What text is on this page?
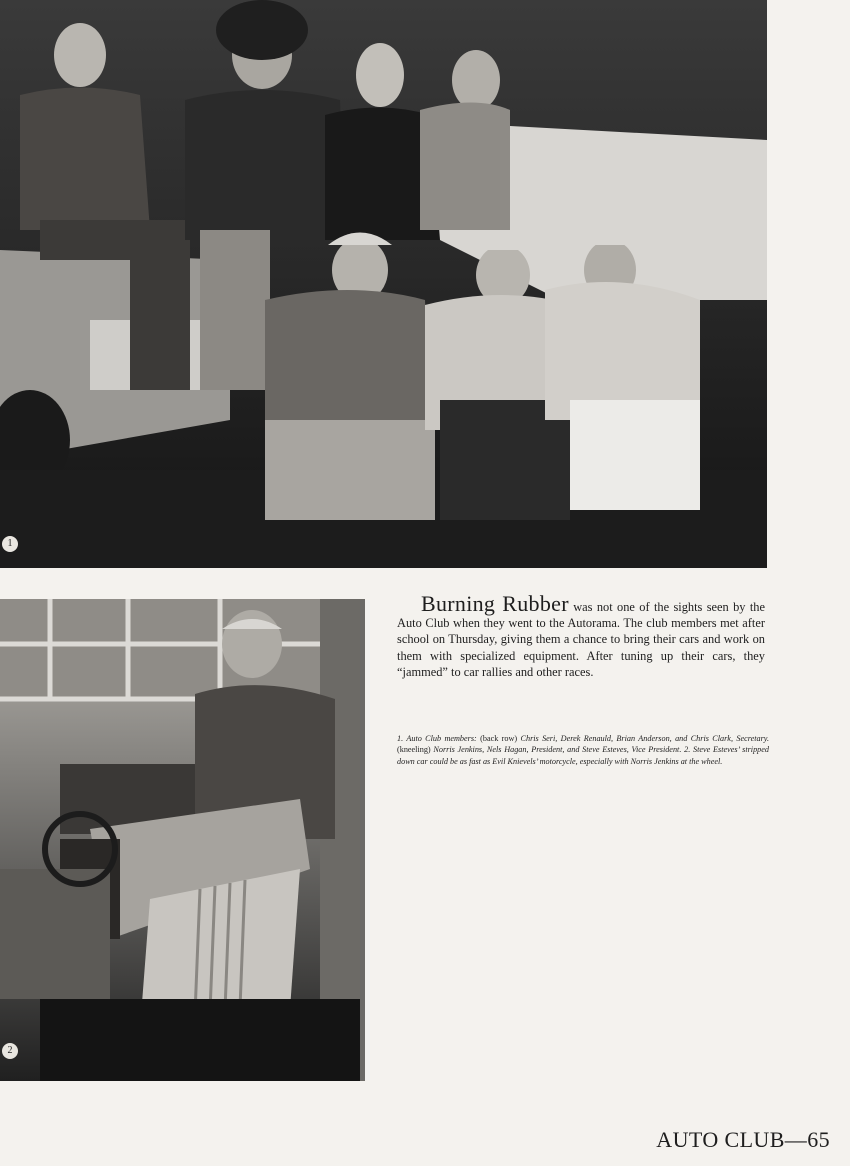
1
2

Burning Rubber was not one of the sights seen by the Auto Club when they went to the Autorama. The club members met after school on Thursday, giving them a chance to bring their cars and work on them with specialized equipment. After tuning up their cars, they “jammed” to car rallies and other races.

1. Auto Club members: (back row) Chris Seri, Derek Renauld, Brian Anderson, and Chris Clark, Secretary. (kneeling) Norris Jenkins, Nels Hagan, President, and Steve Esteves, Vice President. 2. Steve Esteves’ stripped down car could be as fast as Evil Knievels’ motorcycle, especially with Norris Jenkins at the wheel.

AUTO CLUB—65
